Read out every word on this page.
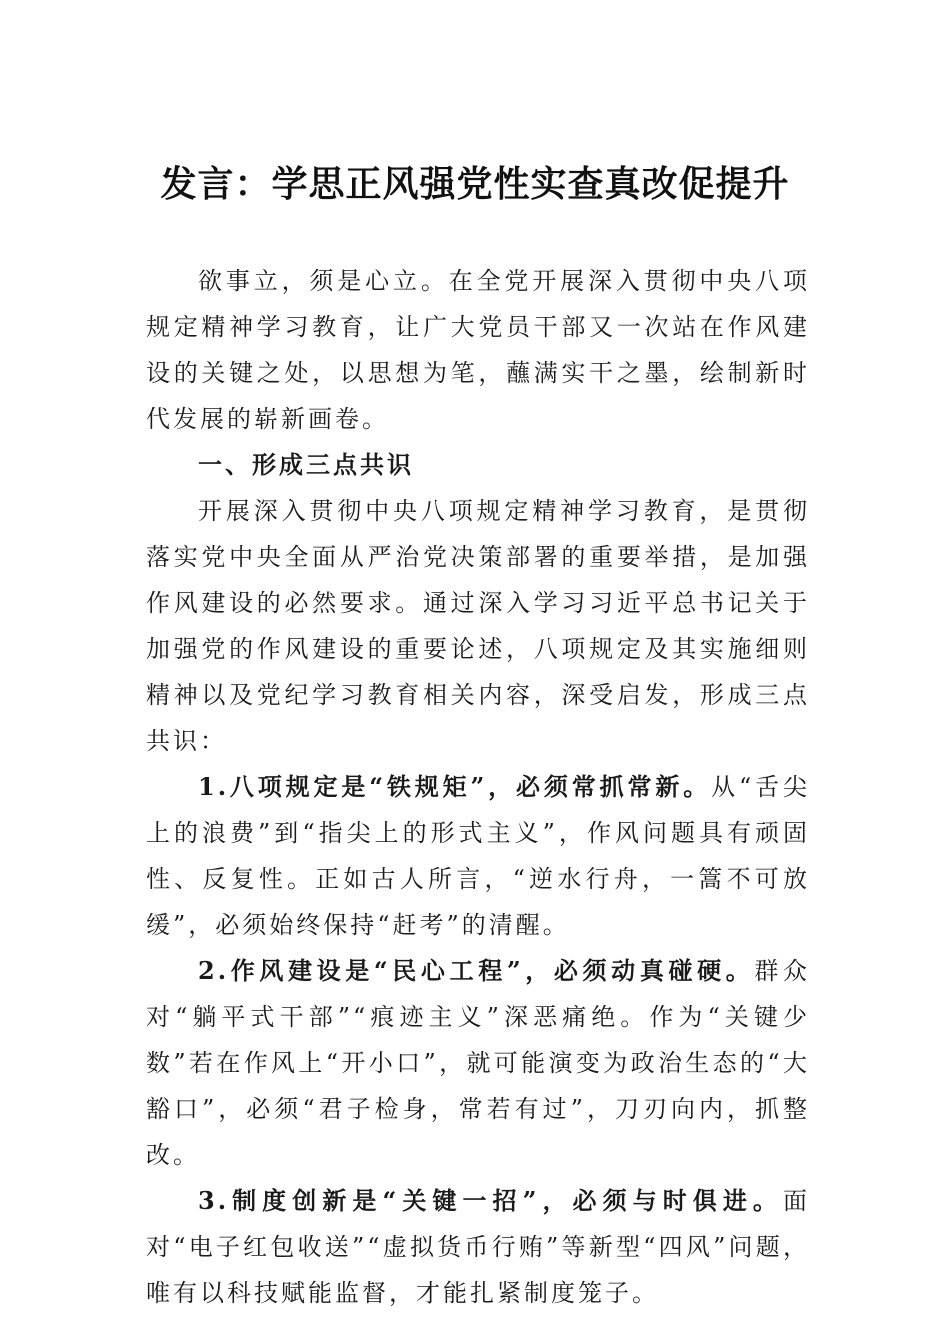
发言：学思正风强党性实查真改促提升

欲事立，须是心立。在全党开展深入贯彻中央八项规定精神学习教育，让广大党员干部又一次站在作风建设的关键之处，以思想为笔，蘸满实干之墨，绘制新时代发展的崭新画卷。

一、形成三点共识

开展深入贯彻中央八项规定精神学习教育，是贯彻落实党中央全面从严治党决策部署的重要举措，是加强作风建设的必然要求。通过深入学习习近平总书记关于加强党的作风建设的重要论述，八项规定及其实施细则精神以及党纪学习教育相关内容，深受启发，形成三点共识：

1.八项规定是“铁规矩”，必须常抓常新。从“舌尖上的浪费”到“指尖上的形式主义”，作风问题具有顽固性、反复性。正如古人所言，“逆水行舟，一篙不可放缓”，必须始终保持“赶考”的清醒。

2.作风建设是“民心工程”，必须动真碰硬。群众对“躺平式干部”“痕迹主义”深恶痛绝。作为“关键少数”若在作风上“开小口”，就可能演变为政治生态的“大豁口”，必须“君子检身，常若有过”，刀刃向内，抓整改。

3.制度创新是“关键一招”，必须与时俱进。面对“电子红包收送”“虚拟货币行贿”等新型“四风”问题，唯有以科技赋能监督，才能扎紧制度笼子。
